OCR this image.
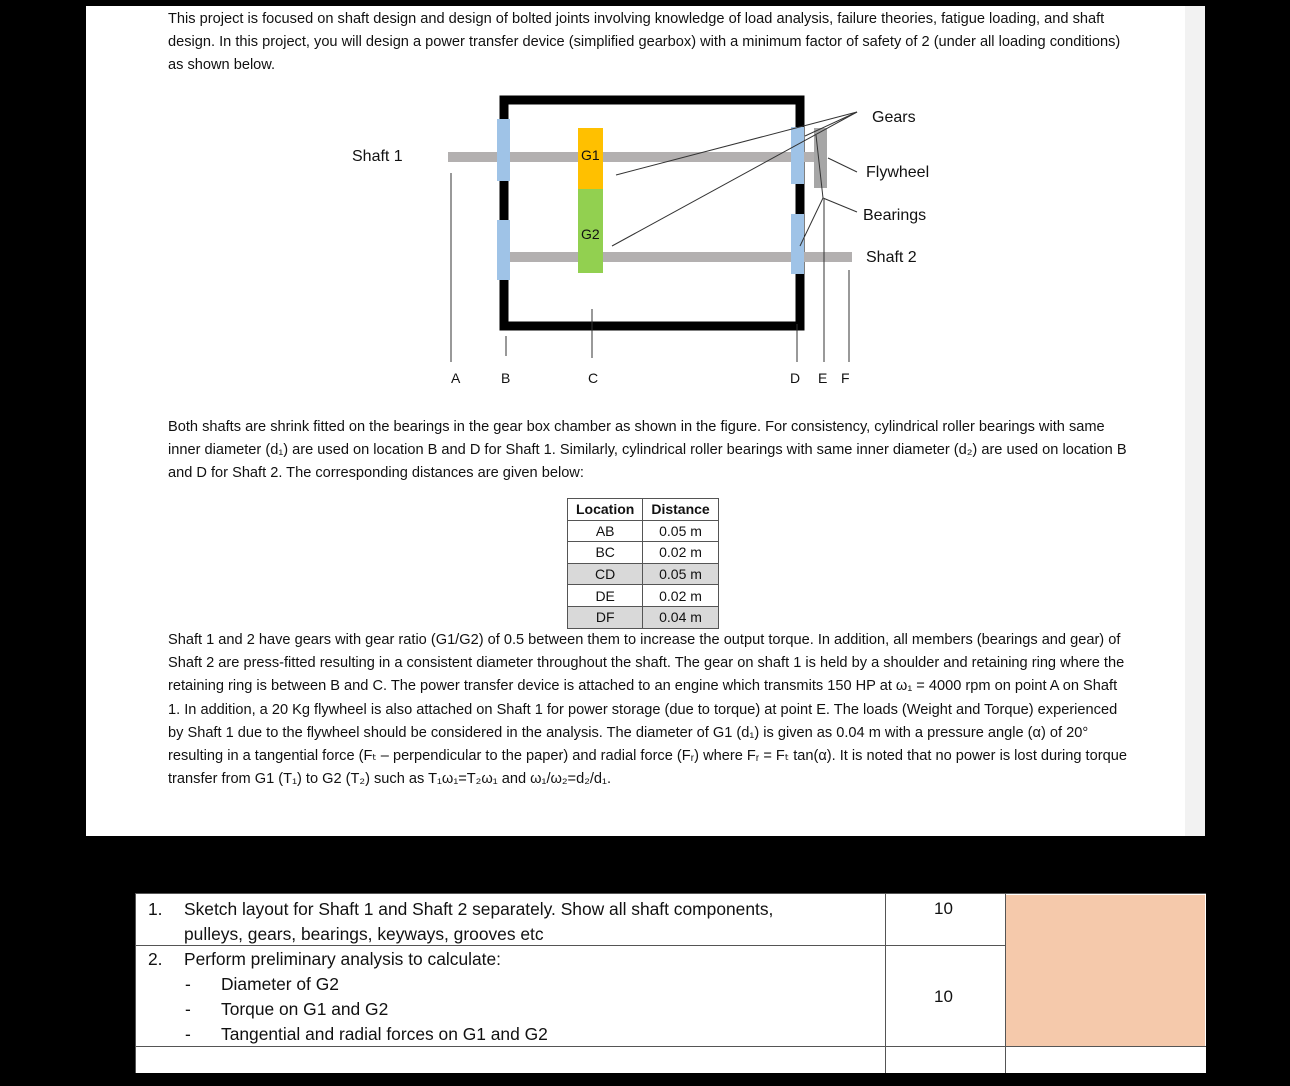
This project is focused on shaft design and design of bolted joints involving knowledge of load analysis, failure theories, fatigue loading, and shaft design. In this project, you will design a power transfer device (simplified gearbox) with a minimum factor of safety of 2 (under all loading conditions) as shown below.
Shaft 1	G1
G2
Gears
Flywheel
Bearings
Shaft 2
A	B	C	D E F
Both shafts are shrink fitted on the bearings in the gear box chamber as shown in the figure. For consistency, cylindrical roller bearings with same inner diameter (d₁) are used on location B and D for Shaft 1. Similarly, cylindrical roller bearings with same inner diameter (d₂) are used on location B and D for Shaft 2. The corresponding distances are given below:
Location	Distance
AB	0.05 m
BC	0.02 m
CD	0.05 m
DE	0.02 m
DF	0.04 m
Shaft 1 and 2 have gears with gear ratio (G1/G2) of 0.5 between them to increase the output torque. In addition, all members (bearings and gear) of Shaft 2 are press-fitted resulting in a consistent diameter throughout the shaft. The gear on shaft 1 is held by a shoulder and retaining ring where the retaining ring is between B and C. The power transfer device is attached to an engine which transmits 150 HP at ω₁ = 4000 rpm on point A on Shaft 1. In addition, a 20 Kg flywheel is also attached on Shaft 1 for power storage (due to torque) at point E. The loads (Weight and Torque) experienced by Shaft 1 due to the flywheel should be considered in the analysis. The diameter of G1 (d₁) is given as 0.04 m with a pressure angle (α) of 20° resulting in a tangential force (Fₜ – perpendicular to the paper) and radial force (Fᵣ) where Fᵣ = Fₜ tan(α). It is noted that no power is lost during torque transfer from G1 (T₁) to G2 (T₂) such as T₁ω₁=T₂ω₁ and ω₁/ω₂=d₂/d₁.
1. Sketch layout for Shaft 1 and Shaft 2 separately. Show all shaft components,
pulleys, gears, bearings, keyways, grooves etc
10
2. Perform preliminary analysis to calculate:
- Diameter of G2
- Torque on G1 and G2
- Tangential and radial forces on G1 and G2
10
